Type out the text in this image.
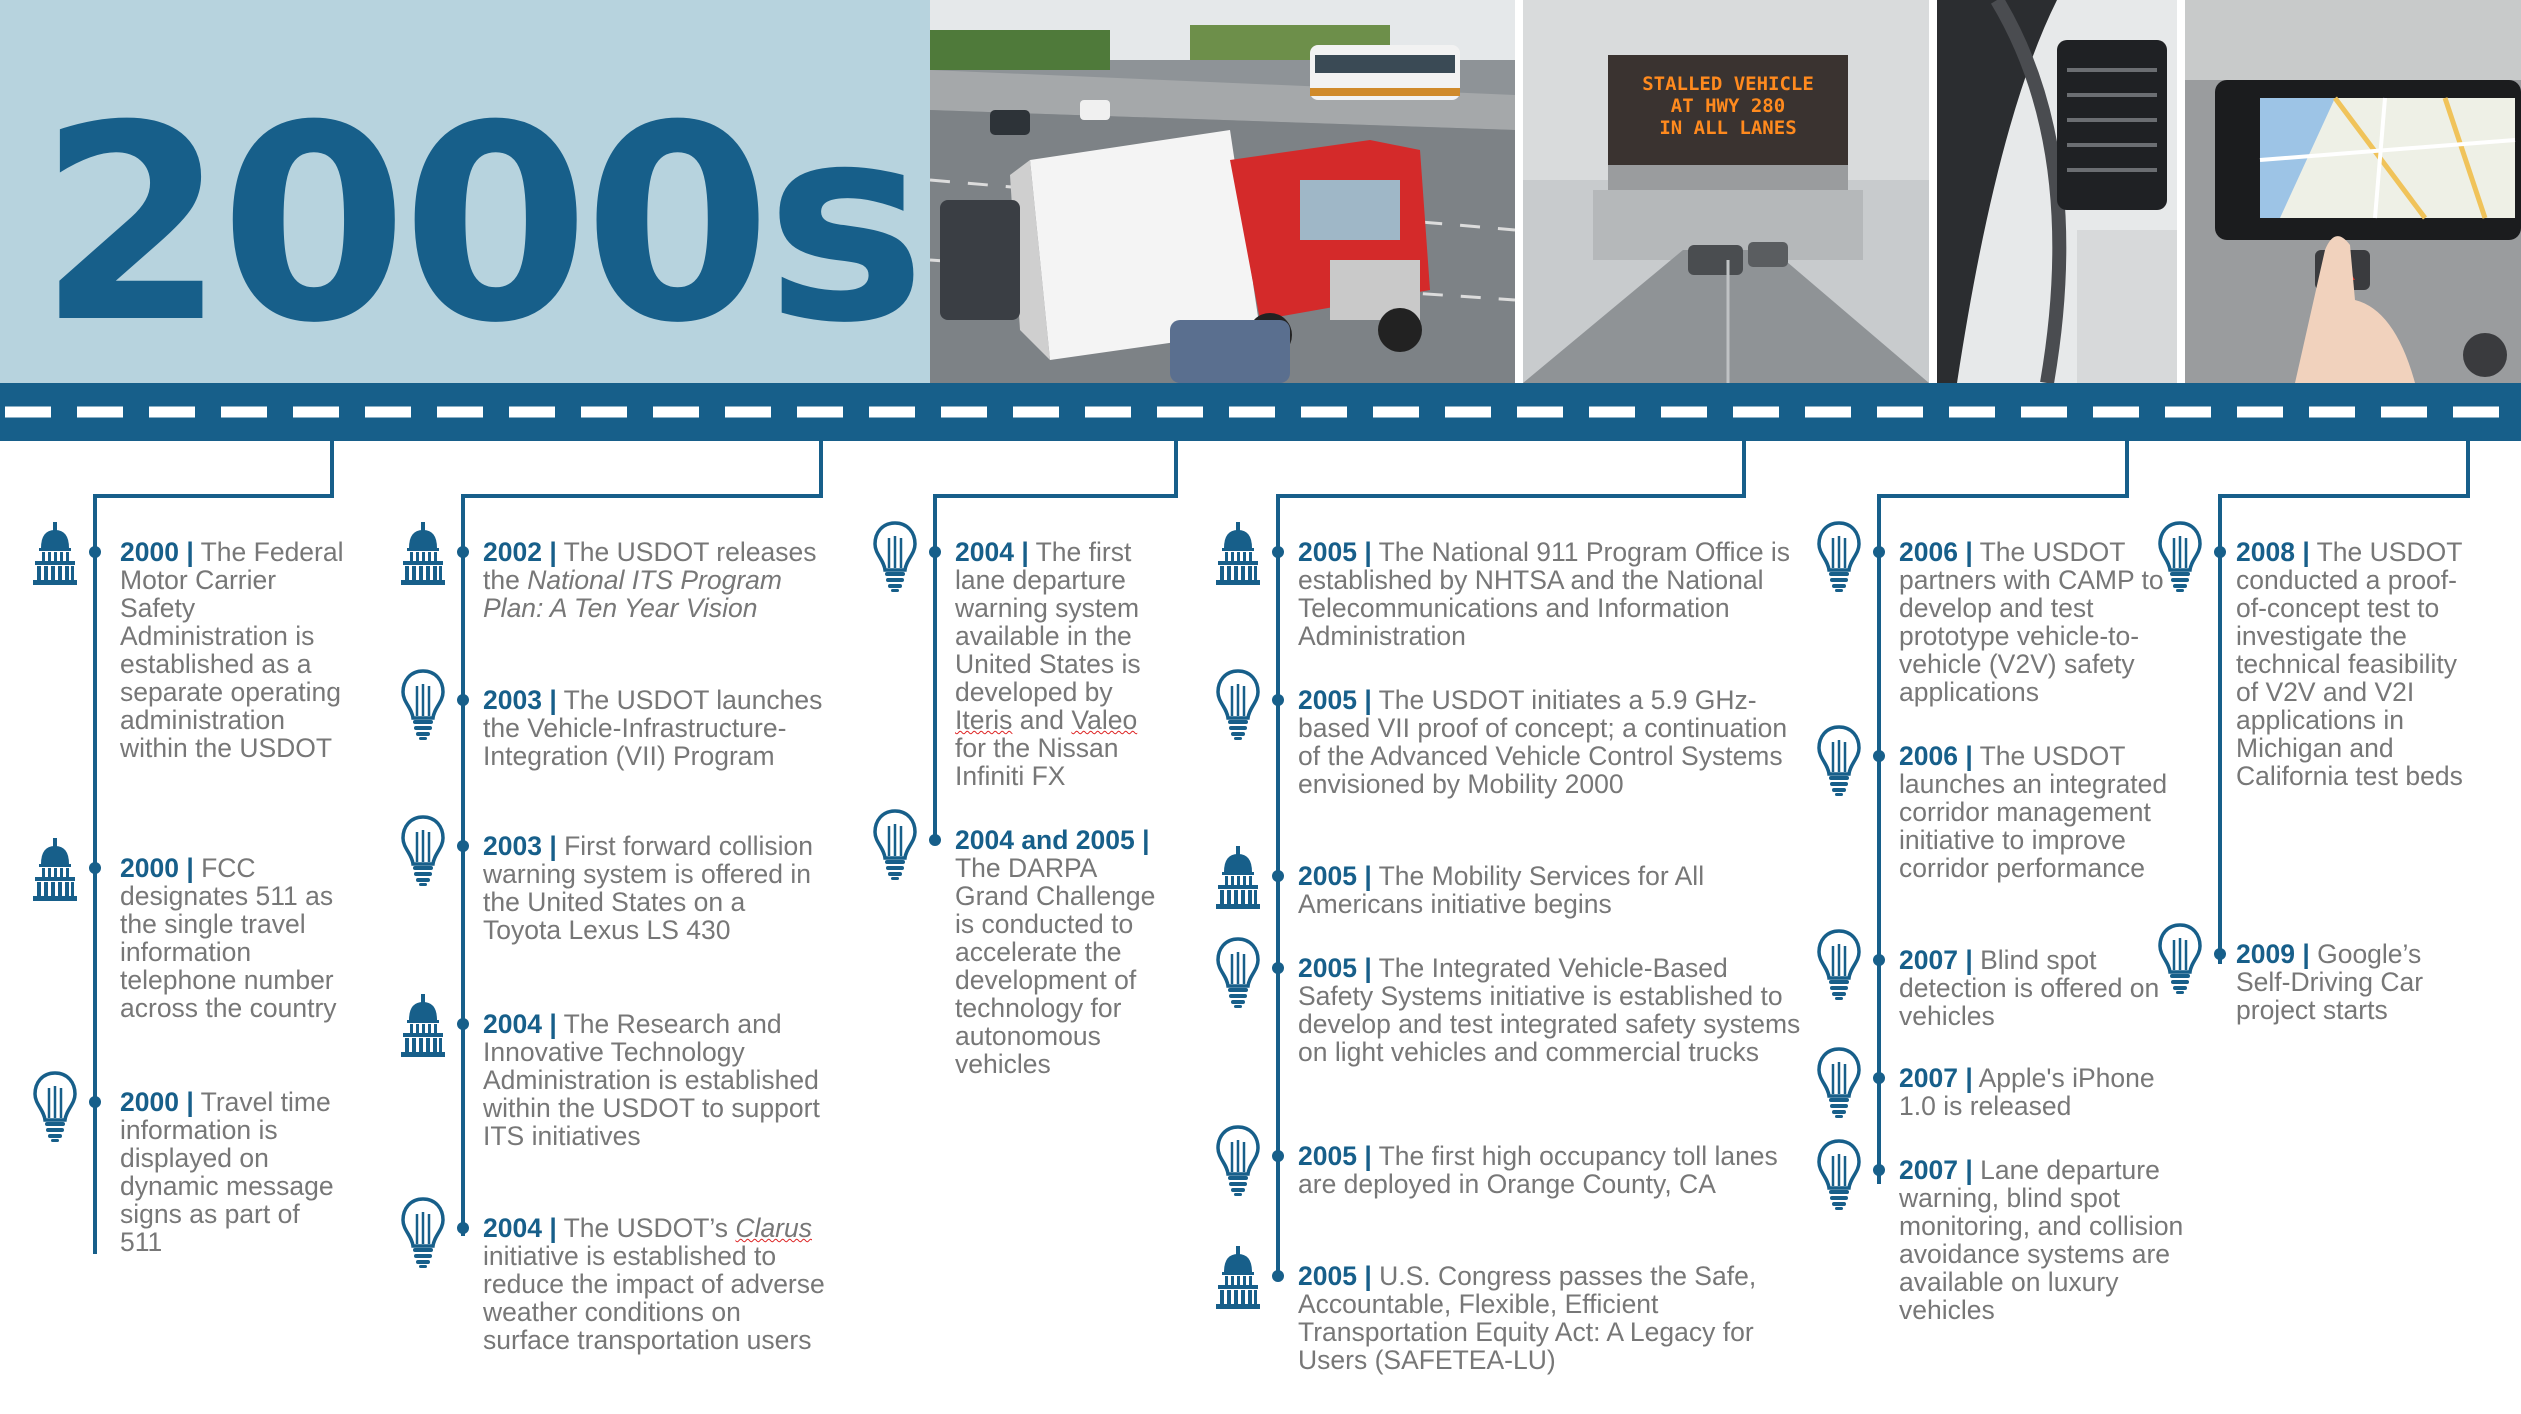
2000s	STALLED VEHICLE
AT HWY 280
IN ALL LANES
2000 | The Federal Motor Carrier Safety Administration is established as a separate operating administration within the USDOT
2000 | FCC designates 511 as the single travel information telephone number across the country
2000 | Travel time information is displayed on dynamic message signs as part of 511
2002 | The USDOT releases the National ITS Program Plan: A Ten Year Vision
2003 | The USDOT launches the Vehicle-Infrastructure-Integration (VII) Program
2003 | First forward collision warning system is offered in the United States on a Toyota Lexus LS 430
2004 | The Research and Innovative Technology Administration is established within the USDOT to support ITS initiatives
2004 | The USDOT’s Clarus initiative is established to reduce the impact of adverse weather conditions on surface transportation users
2004 | The first lane departure warning system available in the United States is developed by Iteris and Valeo for the Nissan Infiniti FX
2004 and 2005 | The DARPA Grand Challenge is conducted to accelerate the development of technology for autonomous vehicles
2005 | The National 911 Program Office is established by NHTSA and the National Telecommunications and Information Administration
2005 | The USDOT initiates a 5.9 GHz-based VII proof of concept; a continuation of the Advanced Vehicle Control Systems envisioned by Mobility 2000
2005 | The Mobility Services for All Americans initiative begins
2005 | The Integrated Vehicle-Based Safety Systems initiative is established to develop and test integrated safety systems on light vehicles and commercial trucks
2005 | The first high occupancy toll lanes are deployed in Orange County, CA
2005 | U.S. Congress passes the Safe, Accountable, Flexible, Efficient Transportation Equity Act: A Legacy for Users (SAFETEA-LU)
2006 | The USDOT partners with CAMP to develop and test prototype vehicle-to-vehicle (V2V) safety applications
2006 | The USDOT launches an integrated corridor management initiative to improve corridor performance
2007 | Blind spot detection is offered on vehicles
2007 | Apple's iPhone 1.0 is released
2007 | Lane departure warning, blind spot monitoring, and collision avoidance systems are available on luxury vehicles
2008 | The USDOT conducted a proof-of-concept test to investigate the technical feasibility of V2V and V2I applications in Michigan and California test beds
2009 | Google’s Self-Driving Car project starts
